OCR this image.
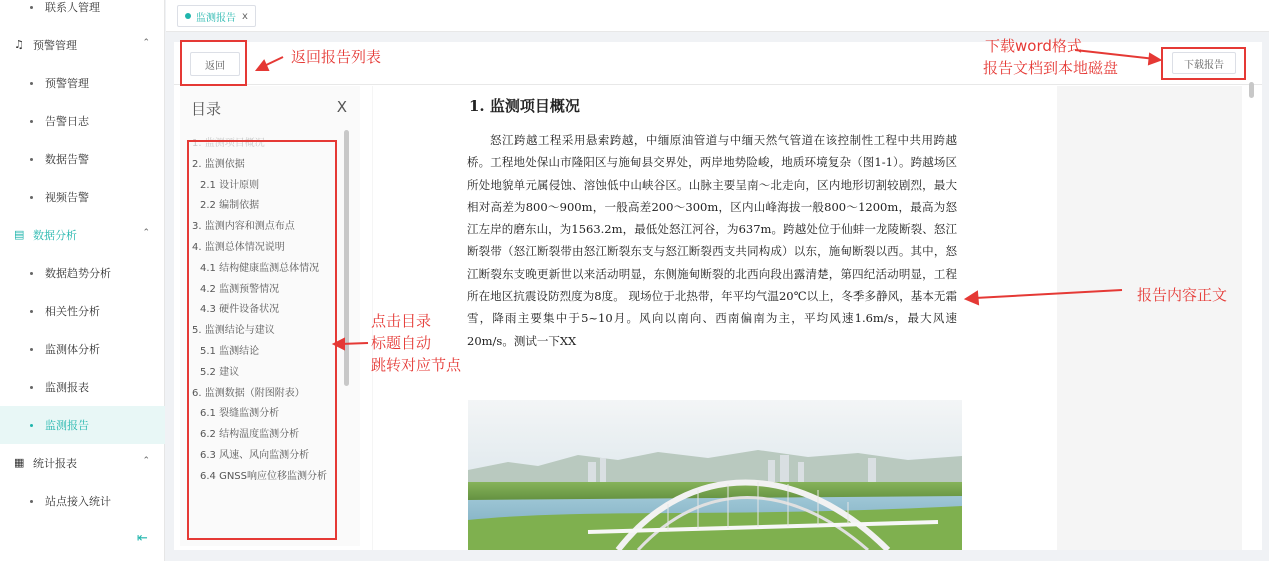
联系人管理
♫ 预警管理	⌃
预警管理
告警日志
数据告警
视频告警
▤ 数据分析	⌃
数据趋势分析
相关性分析
监测体分析
监测报表
监测报告
▦ 统计报表	⌃
站点接入统计
⇤
监测报告 x
返回	下载报告
目录	X
1. 监测项目概况
2. 监测依据
2.1 设计原则
2.2 编制依据
3. 监测内容和测点布点
4. 监测总体情况说明
4.1 结构健康监测总体情况
4.2 监测预警情况
4.3 硬件设备状况
5. 监测结论与建议
5.1 监测结论
5.2 建议
6. 监测数据（附图附表）
6.1 裂缝监测分析
6.2 结构温度监测分析
6.3 风速、风向监测分析
6.4 GNSS响应位移监测分析
1. 监测项目概况
怒江跨越工程采用悬索跨越，中缅原油管道与中缅天然气管道在该控制性工程中共用跨越桥。工程地处保山市隆阳区与施甸县交界处，两岸地势险峻，地质环境复杂（图1-1）。跨越场区所处地貌单元属侵蚀、溶蚀低中山峡谷区。山脉主要呈南～北走向，区内地形切割较剧烈，最大相对高差为800～900m，一般高差200～300m，区内山峰海拔一般800～1200m，最高为怒江左岸的磨东山，为1563.2m，最低处怒江河谷，为637m。跨越处位于仙蚌一龙陵断裂、怒江断裂带（怒江断裂带由怒江断裂东支与怒江断裂西支共同构成）以东，施甸断裂以西。其中，怒江断裂东支晚更新世以来活动明显，东侧施甸断裂的北西向段出露清楚，第四纪活动明显，工程所在地区抗震设防烈度为8度。 现场位于北热带，年平均气温20℃以上，冬季多静风，基本无霜雪，降雨主要集中于5~10月。风向以南向、西南偏南为主，平均风速1.6m/s，最大风速20m/s。测试一下XX
返回报告列表
下载word格式
报告文档到本地磁盘
点击目录
标题自动
跳转对应节点
报告内容正文
